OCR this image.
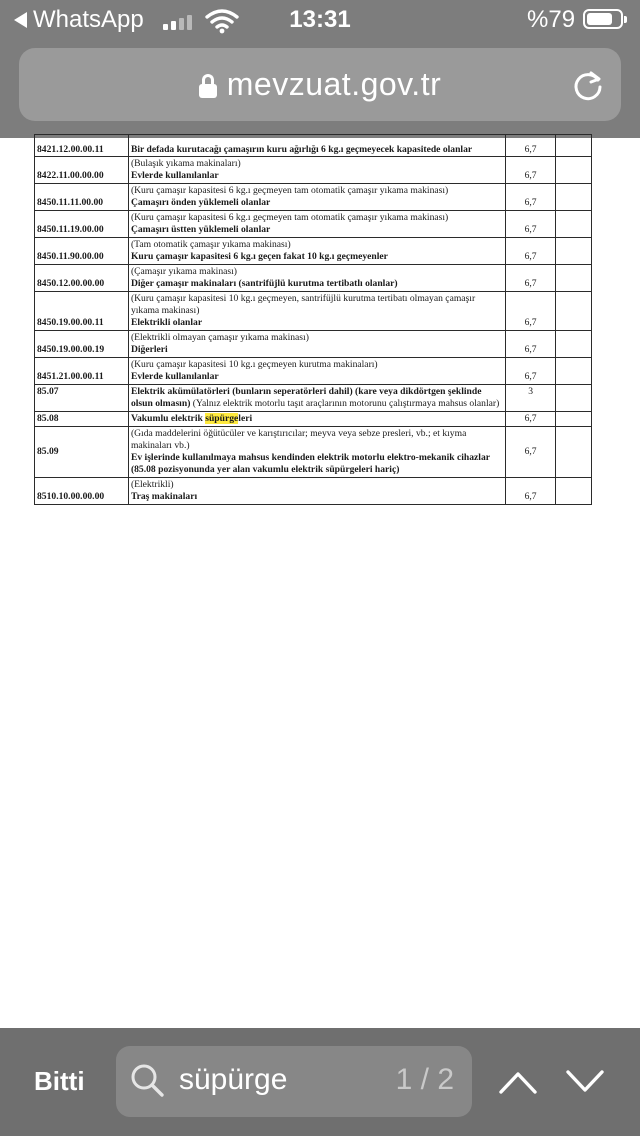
WhatsApp	13:31	%79
mevzuat.gov.tr
8421.12.00.00.11	Bir defada kurutacağı çamaşırın kuru ağırlığı 6 kg.ı geçmeyecek kapasitede olanlar	6,7	
8422.11.00.00.00	(Bulaşık yıkama makinaları)
Evlerde kullanılanlar	6,7	
8450.11.11.00.00	(Kuru çamaşır kapasitesi 6 kg.ı geçmeyen tam otomatik çamaşır yıkama makinası)
Çamaşırı önden yüklemeli olanlar	6,7	
8450.11.19.00.00	(Kuru çamaşır kapasitesi 6 kg.ı geçmeyen tam otomatik çamaşır yıkama makinası)
Çamaşırı üstten yüklemeli olanlar	6,7	
8450.11.90.00.00	(Tam otomatik çamaşır yıkama makinası)
Kuru çamaşır kapasitesi 6 kg.ı geçen fakat 10 kg.ı geçmeyenler	6,7	
8450.12.00.00.00	(Çamaşır yıkama makinası)
Diğer çamaşır makinaları (santrifüjlü kurutma tertibatlı olanlar)	6,7	
8450.19.00.00.11	(Kuru çamaşır kapasitesi 10 kg.ı geçmeyen, santrifüjlü kurutma tertibatı olmayan çamaşır yıkama makinası)
Elektrikli olanlar	6,7	
8450.19.00.00.19	(Elektrikli olmayan çamaşır yıkama makinası)
Diğerleri	6,7	
8451.21.00.00.11	(Kuru çamaşır kapasitesi 10 kg.ı geçmeyen kurutma makinaları)
Evlerde kullanılanlar	6,7	
85.07	Elektrik akümülatörleri (bunların seperatörleri dahil) (kare veya dikdörtgen şeklinde olsun olmasın) (Yalnız elektrik motorlu taşıt araçlarının motorunu çalıştırmaya mahsus olanlar)	3	
85.08	Vakumlu elektrik süpürgeleri	6,7	
85.09	(Gıda maddelerini öğütücüler ve karıştırıcılar; meyva veya sebze presleri, vb.; et kıyma makinaları vb.)
Ev işlerinde kullanılmaya mahsus kendinden elektrik motorlu elektro-mekanik cihazlar (85.08 pozisyonunda yer alan vakumlu elektrik süpürgeleri hariç)	6,7	
8510.10.00.00.00	(Elektrikli)
Traş makinaları	6,7	
Bitti	süpürge	1 / 2
